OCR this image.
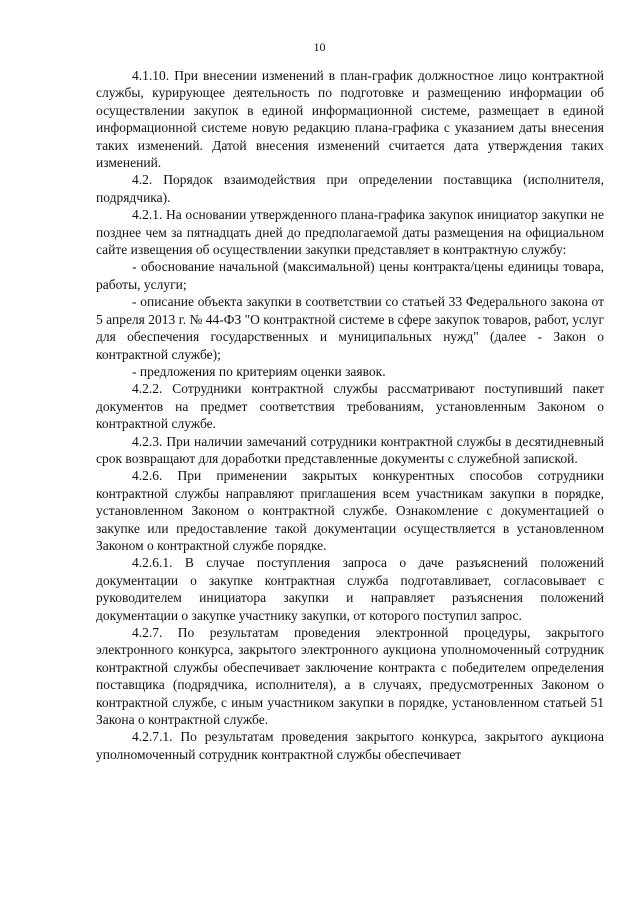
10

4.1.10. При внесении изменений в план-график должностное лицо контрактной службы, курирующее деятельность по подготовке и размещению информации об осуществлении закупок в единой информационной системе, размещает в единой информационной системе новую редакцию плана-графика с указанием даты внесения таких изменений. Датой внесения изменений считается дата утверждения таких изменений.

4.2. Порядок взаимодействия при определении поставщика (исполнителя, подрядчика).

4.2.1. На основании утвержденного плана-графика закупок инициатор закупки не позднее чем за пятнадцать дней до предполагаемой даты размещения на официальном сайте извещения об осуществлении закупки представляет в контрактную службу:

- обоснование начальной (максимальной) цены контракта/цены единицы товара, работы, услуги;

- описание объекта закупки в соответствии со статьей 33 Федерального закона от 5 апреля 2013 г. № 44-ФЗ "О контрактной системе в сфере закупок товаров, работ, услуг для обеспечения государственных и муниципальных нужд" (далее - Закон о контрактной службе);

- предложения по критериям оценки заявок.

4.2.2. Сотрудники контрактной службы рассматривают поступивший пакет документов на предмет соответствия требованиям, установленным Законом о контрактной службе.

4.2.3. При наличии замечаний сотрудники контрактной службы в десятидневный срок возвращают для доработки представленные документы с служебной запиской.

4.2.6. При применении закрытых конкурентных способов сотрудники контрактной службы направляют приглашения всем участникам закупки в порядке, установленном Законом о контрактной службе. Ознакомление с документацией о закупке или предоставление такой документации осуществляется в установленном Законом о контрактной службе порядке.

4.2.6.1. В случае поступления запроса о даче разъяснений положений документации о закупке контрактная служба подготавливает, согласовывает с руководителем инициатора закупки и направляет разъяснения положений документации о закупке участнику закупки, от которого поступил запрос.

4.2.7. По результатам проведения электронной процедуры, закрытого электронного конкурса, закрытого электронного аукциона уполномоченный сотрудник контрактной службы обеспечивает заключение контракта с победителем определения поставщика (подрядчика, исполнителя), а в случаях, предусмотренных Законом о контрактной службе, с иным участником закупки в порядке, установленном статьей 51 Закона о контрактной службе.

4.2.7.1. По результатам проведения закрытого конкурса, закрытого аукциона уполномоченный сотрудник контрактной службы обеспечивает
